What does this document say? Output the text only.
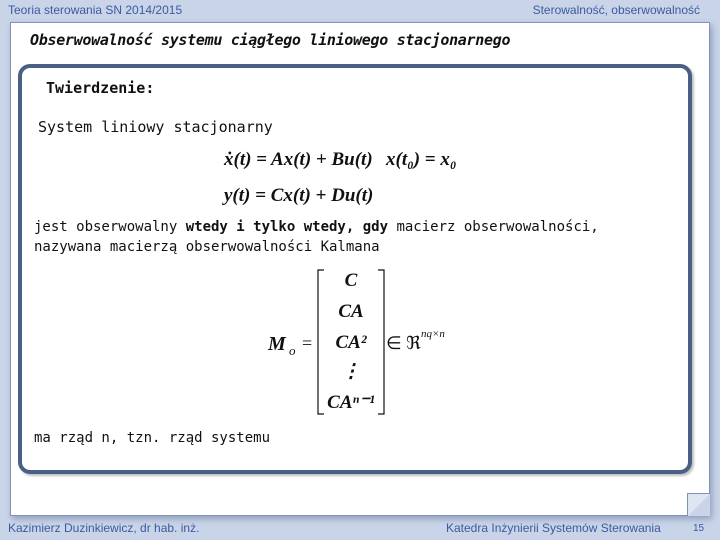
Teoria sterowania SN 2014/2015	Sterowalność, obserwowalność
Obserwowalność systemu ciągłego liniowego stacjonarnego
Twierdzenie:
System liniowy stacjonarny
ẋ(t) = Ax(t) + Bu(t) x(t₀) = x₀
y(t) = Cx(t) + Du(t)
jest obserwowalny wtedy i tylko wtedy, gdy macierz obserwowalności,
nazywana macierzą obserwowalności Kalmana
M o =
C
CA
CA²
⋮
CAⁿ⁻¹
∈ ℜ nq×n
ma rząd n, tzn. rząd systemu
Kazimierz Duzinkiewicz, dr hab. inż.	Katedra Inżynierii Systemów Sterowania	15
